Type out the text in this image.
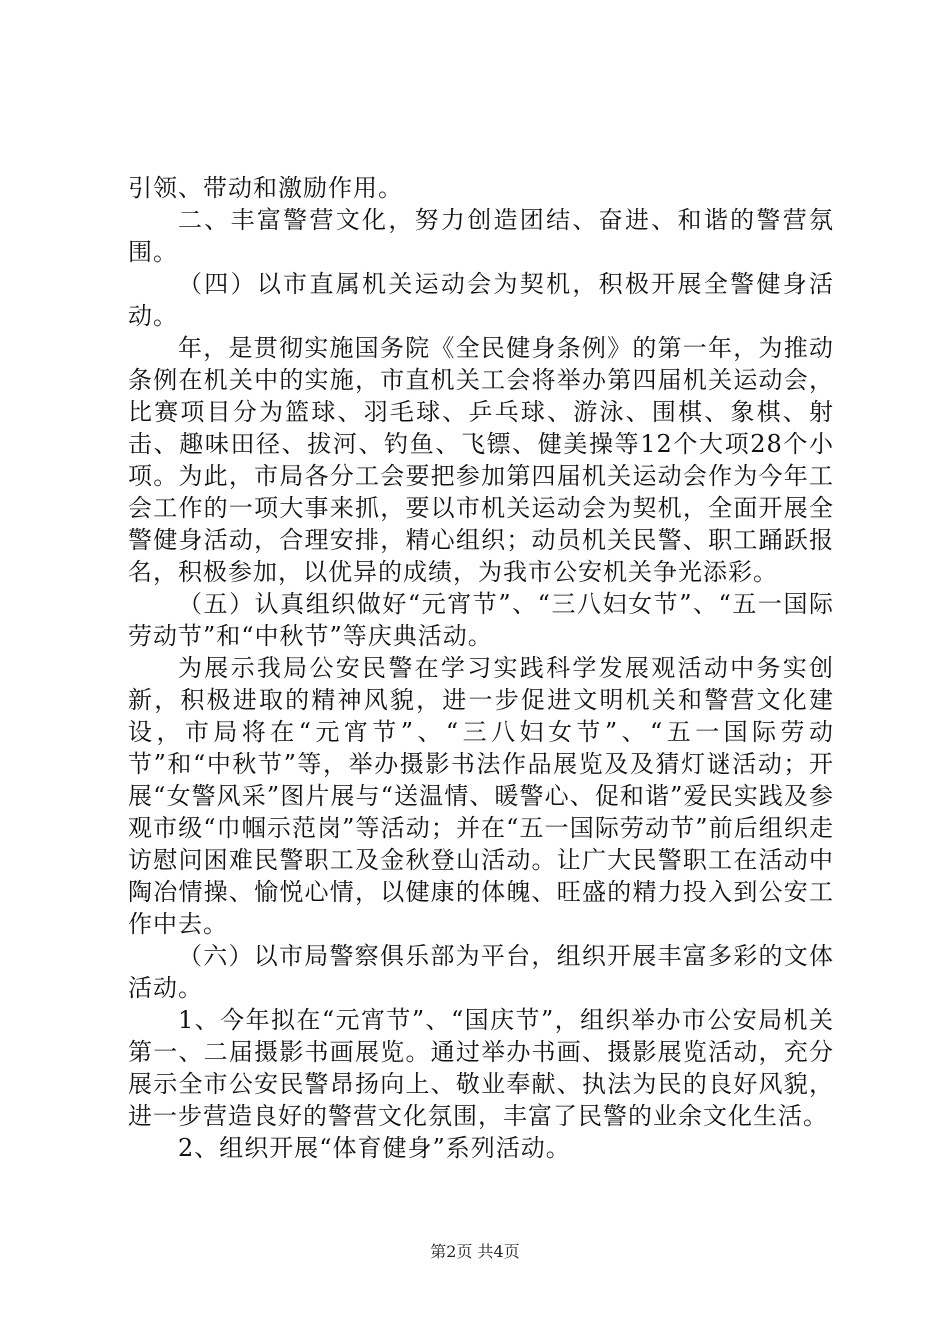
引领、带动和激励作用。

二、丰富警营文化，努力创造团结、奋进、和谐的警营氛围。

（四）以市直属机关运动会为契机，积极开展全警健身活动。

年，是贯彻实施国务院《全民健身条例》的第一年，为推动条例在机关中的实施，市直机关工会将举办第四届机关运动会，比赛项目分为篮球、羽毛球、乒乓球、游泳、围棋、象棋、射击、趣味田径、拔河、钓鱼、飞镖、健美操等12个大项28个小项。为此，市局各分工会要把参加第四届机关运动会作为今年工会工作的一项大事来抓，要以市机关运动会为契机，全面开展全警健身活动，合理安排，精心组织；动员机关民警、职工踊跃报名，积极参加，以优异的成绩，为我市公安机关争光添彩。

（五）认真组织做好“元宵节”、“三八妇女节”、“五一国际劳动节”和“中秋节”等庆典活动。

为展示我局公安民警在学习实践科学发展观活动中务实创新，积极进取的精神风貌，进一步促进文明机关和警营文化建设，市局将在“元宵节”、“三八妇女节”、“五一国际劳动节”和“中秋节”等，举办摄影书法作品展览及及猜灯谜活动；开展“女警风采”图片展与“送温情、暖警心、促和谐”爱民实践及参观市级“巾帼示范岗”等活动；并在“五一国际劳动节”前后组织走访慰问困难民警职工及金秋登山活动。让广大民警职工在活动中陶冶情操、愉悦心情，以健康的体魄、旺盛的精力投入到公安工作中去。

（六）以市局警察俱乐部为平台，组织开展丰富多彩的文体活动。

1、今年拟在“元宵节”、“国庆节”，组织举办市公安局机关第一、二届摄影书画展览。通过举办书画、摄影展览活动，充分展示全市公安民警昂扬向上、敬业奉献、执法为民的良好风貌，进一步营造良好的警营文化氛围，丰富了民警的业余文化生活。

2、组织开展“体育健身”系列活动。

第2页 共4页
